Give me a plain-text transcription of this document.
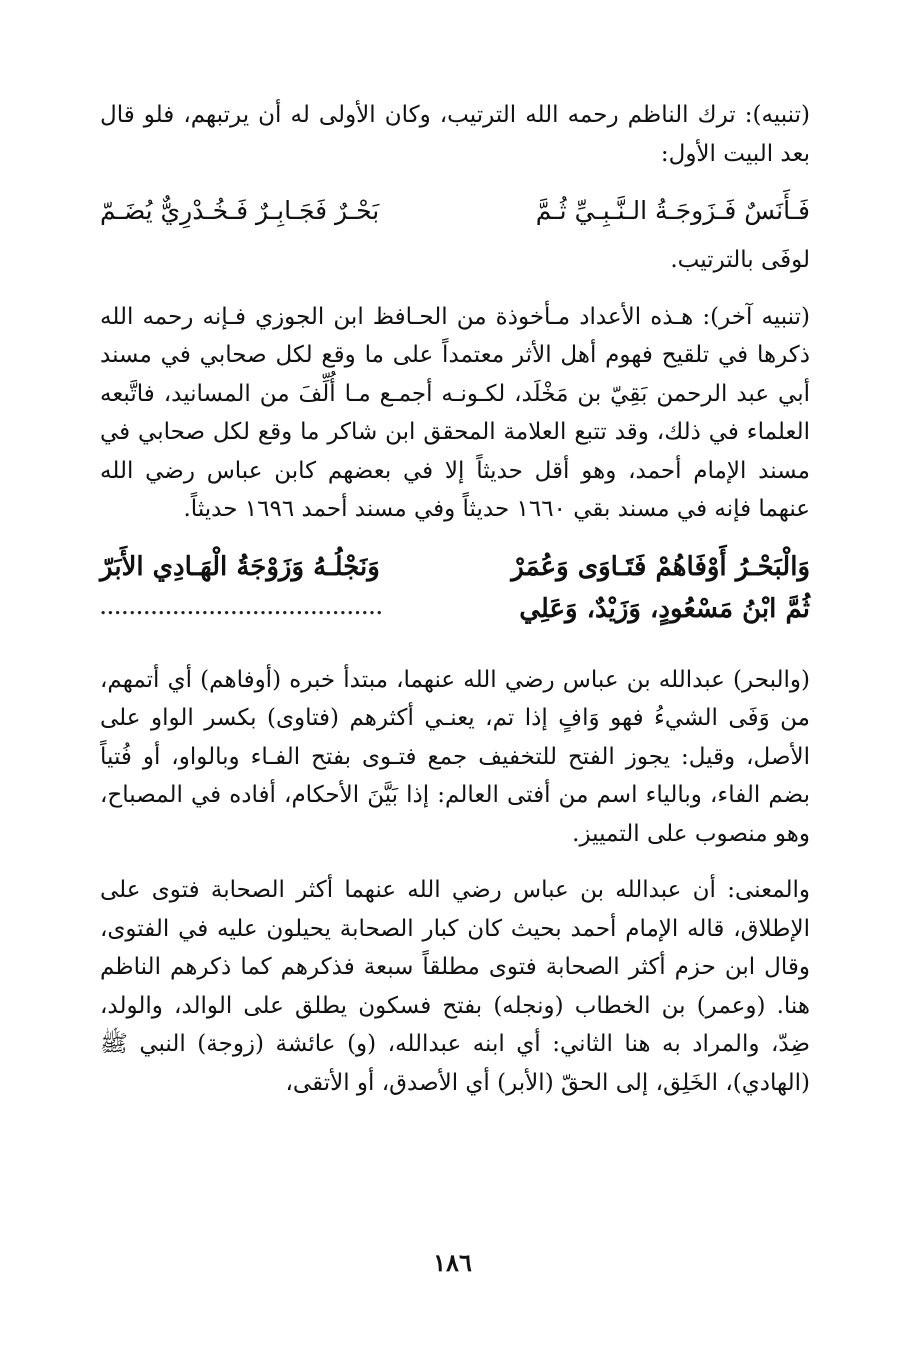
(تنبيه): ترك الناظم رحمه الله الترتيب، وكان الأولى له أن يرتبهم، فلو قال بعد البيت الأول:

فَـأَنَسٌ فَـزَوجَـةُ الـنَّـبِـيِّ ثُـمَّ
بَحْـرٌ فَجَـابِـرٌ فَـخُـدْرِيٌّ يُضَـمّ

لوفَى بالترتيب.

(تنبيه آخر): هـذه الأعداد مـأخوذة من الحـافظ ابن الجوزي فـإنه رحمه الله ذكرها في تلقيح فهوم أهل الأثر معتمداً على ما وقع لكل صحابي في مسند أبي عبد الرحمن بَقِيّ بن مَخْلَد، لكـونـه أجمـع مـا أُلِّفَ من المسانيد، فاتَّبعه العلماء في ذلك، وقد تتبع العلامة المحقق ابن شاكر ما وقع لكل صحابي في مسند الإمام أحمد، وهو أقل حديثاً إلا في بعضهم كابن عباس رضي الله عنهما فإنه في مسند بقي ١٦٦٠ حديثاً وفي مسند أحمد ١٦٩٦ حديثاً.

وَالْبَحْـرُ أَوْفَاهُمْ فَتَـاوَى وَعُمَرْ
وَنَجْلُـهُ وَزَوْجَةُ الْهَـادِي الأَبَرّ
ثُمَّ ابْنُ مَسْعُودٍ، وَزَيْدٌ، وَعَلِي
.......................................

(والبحر) عبدالله بن عباس رضي الله عنهما، مبتدأ خبره (أوفاهم) أي أتمهم، من وَفَى الشيءُ فهو وَافٍ إذا تم، يعنـي أكثرهم (فتاوى) بكسر الواو على الأصل، وقيل: يجوز الفتح للتخفيف جمع فتـوى بفتح الفـاء وبالواو، أو فُتياً بضم الفاء، وبالياء اسم من أفتى العالم: إذا بَيَّنَ الأحكام، أفاده في المصباح، وهو منصوب على التمييز.

والمعنى: أن عبدالله بن عباس رضي الله عنهما أكثر الصحابة فتوى على الإطلاق، قاله الإمام أحمد بحيث كان كبار الصحابة يحيلون عليه في الفتوى، وقال ابن حزم أكثر الصحابة فتوى مطلقاً سبعة فذكرهم كما ذكرهم الناظم هنا. (وعمر) بن الخطاب (ونجله) بفتح فسكون يطلق على الوالد، والولد، ضِدّ، والمراد به هنا الثاني: أي ابنه عبدالله، (و) عائشة (زوجة) النبي ﷺ (الهادي)، الخَلِق، إلى الحقّ (الأبر) أي الأصدق، أو الأتقى،

١٨٦
